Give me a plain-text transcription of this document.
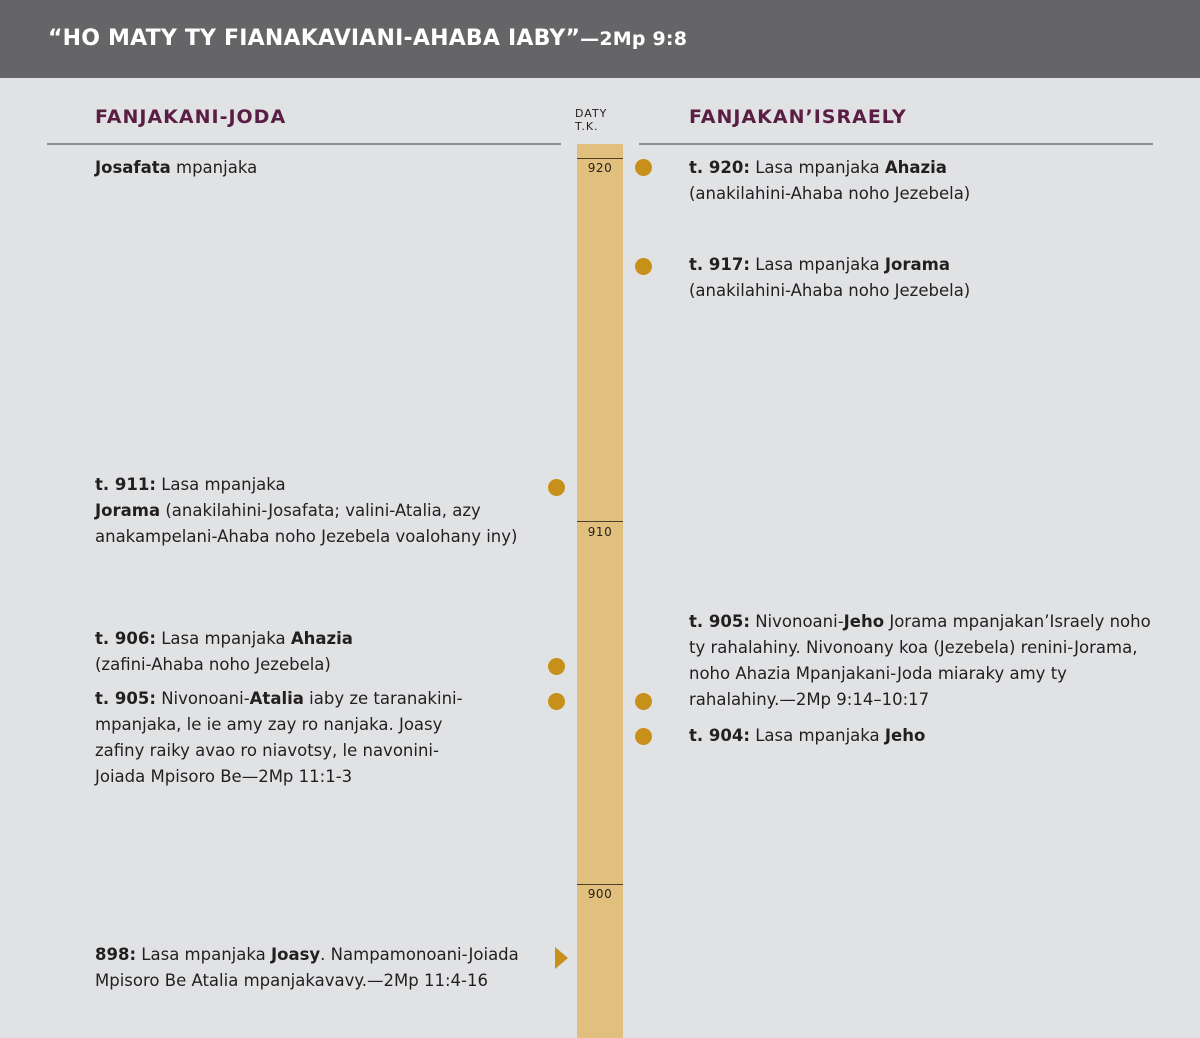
“HO MATY TY FIANAKAVIANI-AHABA IABY”—2Mp 9:8
FANJAKANI-JODA	FANJAKAN’ISRAELY
DATY
T.K.
920
910
900
Josafata mpanjaka
t. 911: Lasa mpanjaka
Jorama (anakilahini-Josafata; valini-Atalia, azy anakampelani-Ahaba noho Jezebela voalohany iny)
t. 906: Lasa mpanjaka Ahazia (zafini-Ahaba noho Jezebela)
t. 905: Nivonoani-Atalia iaby ze taranakini-mpanjaka, le ie amy zay ro nanjaka. Joasy zafiny raiky avao ro niavotsy, le navonini-Joiada Mpisoro Be—2Mp 11:1-3
898: Lasa mpanjaka Joasy. Nampamonoani-Joiada Mpisoro Be Atalia mpanjakavavy.—2Mp 11:4-16
t. 920: Lasa mpanjaka Ahazia
(anakilahini-Ahaba noho Jezebela)
t. 917: Lasa mpanjaka Jorama
(anakilahini-Ahaba noho Jezebela)
t. 905: Nivonoani-Jeho Jorama mpanjakan’Israely noho ty rahalahiny. Nivonoany koa (Jezebela) renini-Jorama, noho Ahazia Mpanjakani-Joda miaraky amy ty rahalahiny.—2Mp 9:14–10:17
t. 904: Lasa mpanjaka Jeho
